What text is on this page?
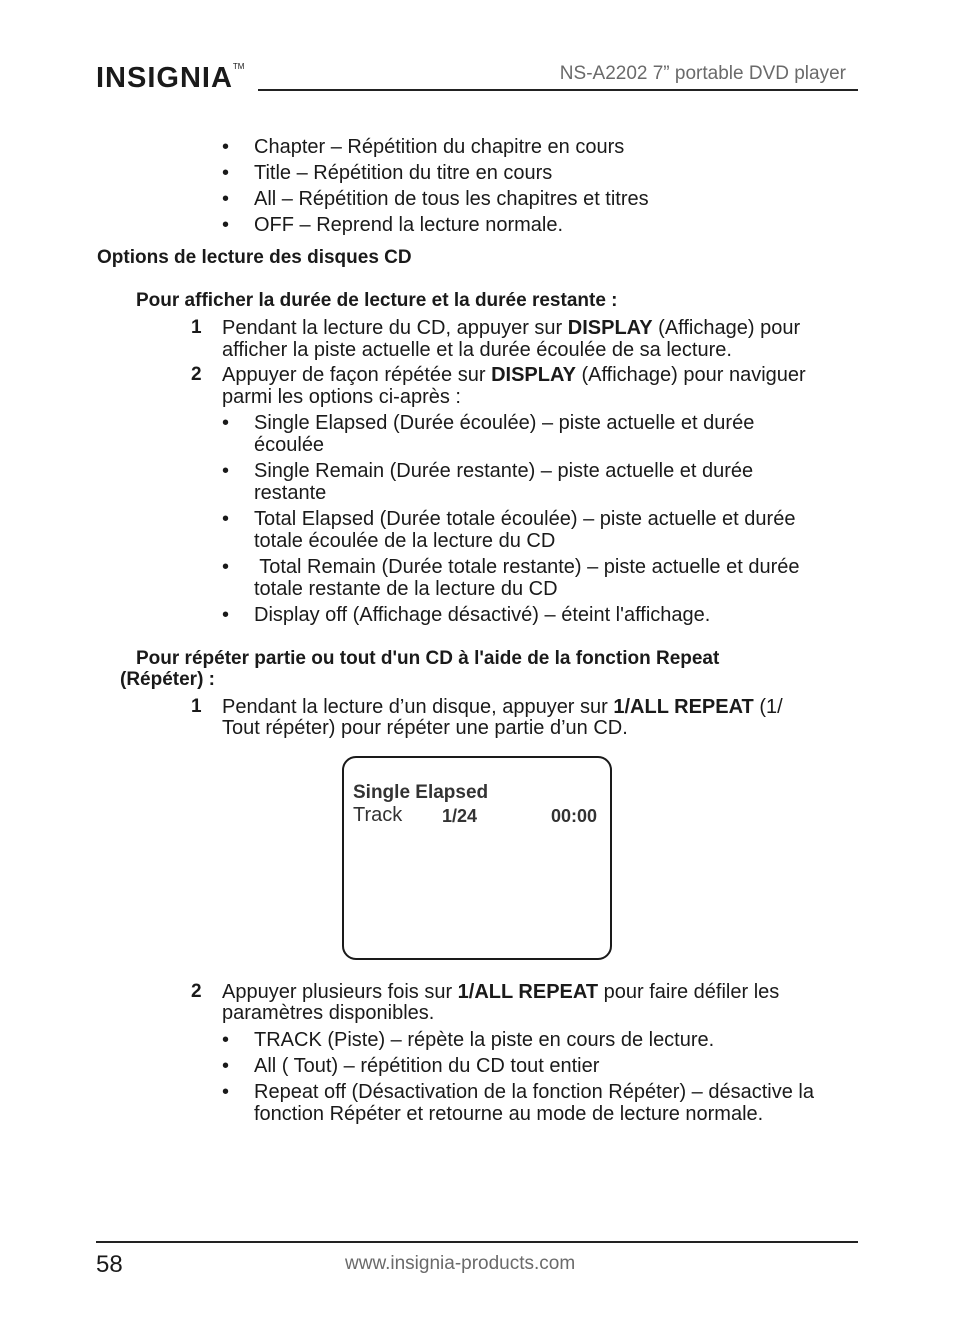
INSIGNIA™	NS-A2202 7” portable DVD player
• Chapter – Répétition du chapitre en cours
• Title – Répétition du titre en cours
• All – Répétition de tous les chapitres et titres
• OFF – Reprend la lecture normale.
Options de lecture des disques CD
Pour afficher la durée de lecture et la durée restante :
1 Pendant la lecture du CD, appuyer sur DISPLAY (Affichage) pour
afficher la piste actuelle et la durée écoulée de sa lecture.
2 Appuyer de façon répétée sur DISPLAY (Affichage) pour naviguer
parmi les options ci-après :
• Single Elapsed (Durée écoulée) – piste actuelle et durée
écoulée
• Single Remain (Durée restante) – piste actuelle et durée
restante
• Total Elapsed (Durée totale écoulée) – piste actuelle et durée
totale écoulée de la lecture du CD
• Total Remain (Durée totale restante) – piste actuelle et durée
totale restante de la lecture du CD
• Display off (Affichage désactivé) – éteint l'affichage.
Pour répéter partie ou tout d'un CD à l'aide de la fonction Repeat
(Répéter) :
1 Pendant la lecture d’un disque, appuyer sur 1/ALL REPEAT (1/
Tout répéter) pour répéter une partie d’un CD.
Single Elapsed
Track 1/24	00:00
2 Appuyer plusieurs fois sur 1/ALL REPEAT pour faire défiler les
paramètres disponibles.
• TRACK (Piste) – répète la piste en cours de lecture.
• All ( Tout) – répétition du CD tout entier
• Repeat off (Désactivation de la fonction Répéter) – désactive la
fonction Répéter et retourne au mode de lecture normale.
58	www.insignia-products.com
